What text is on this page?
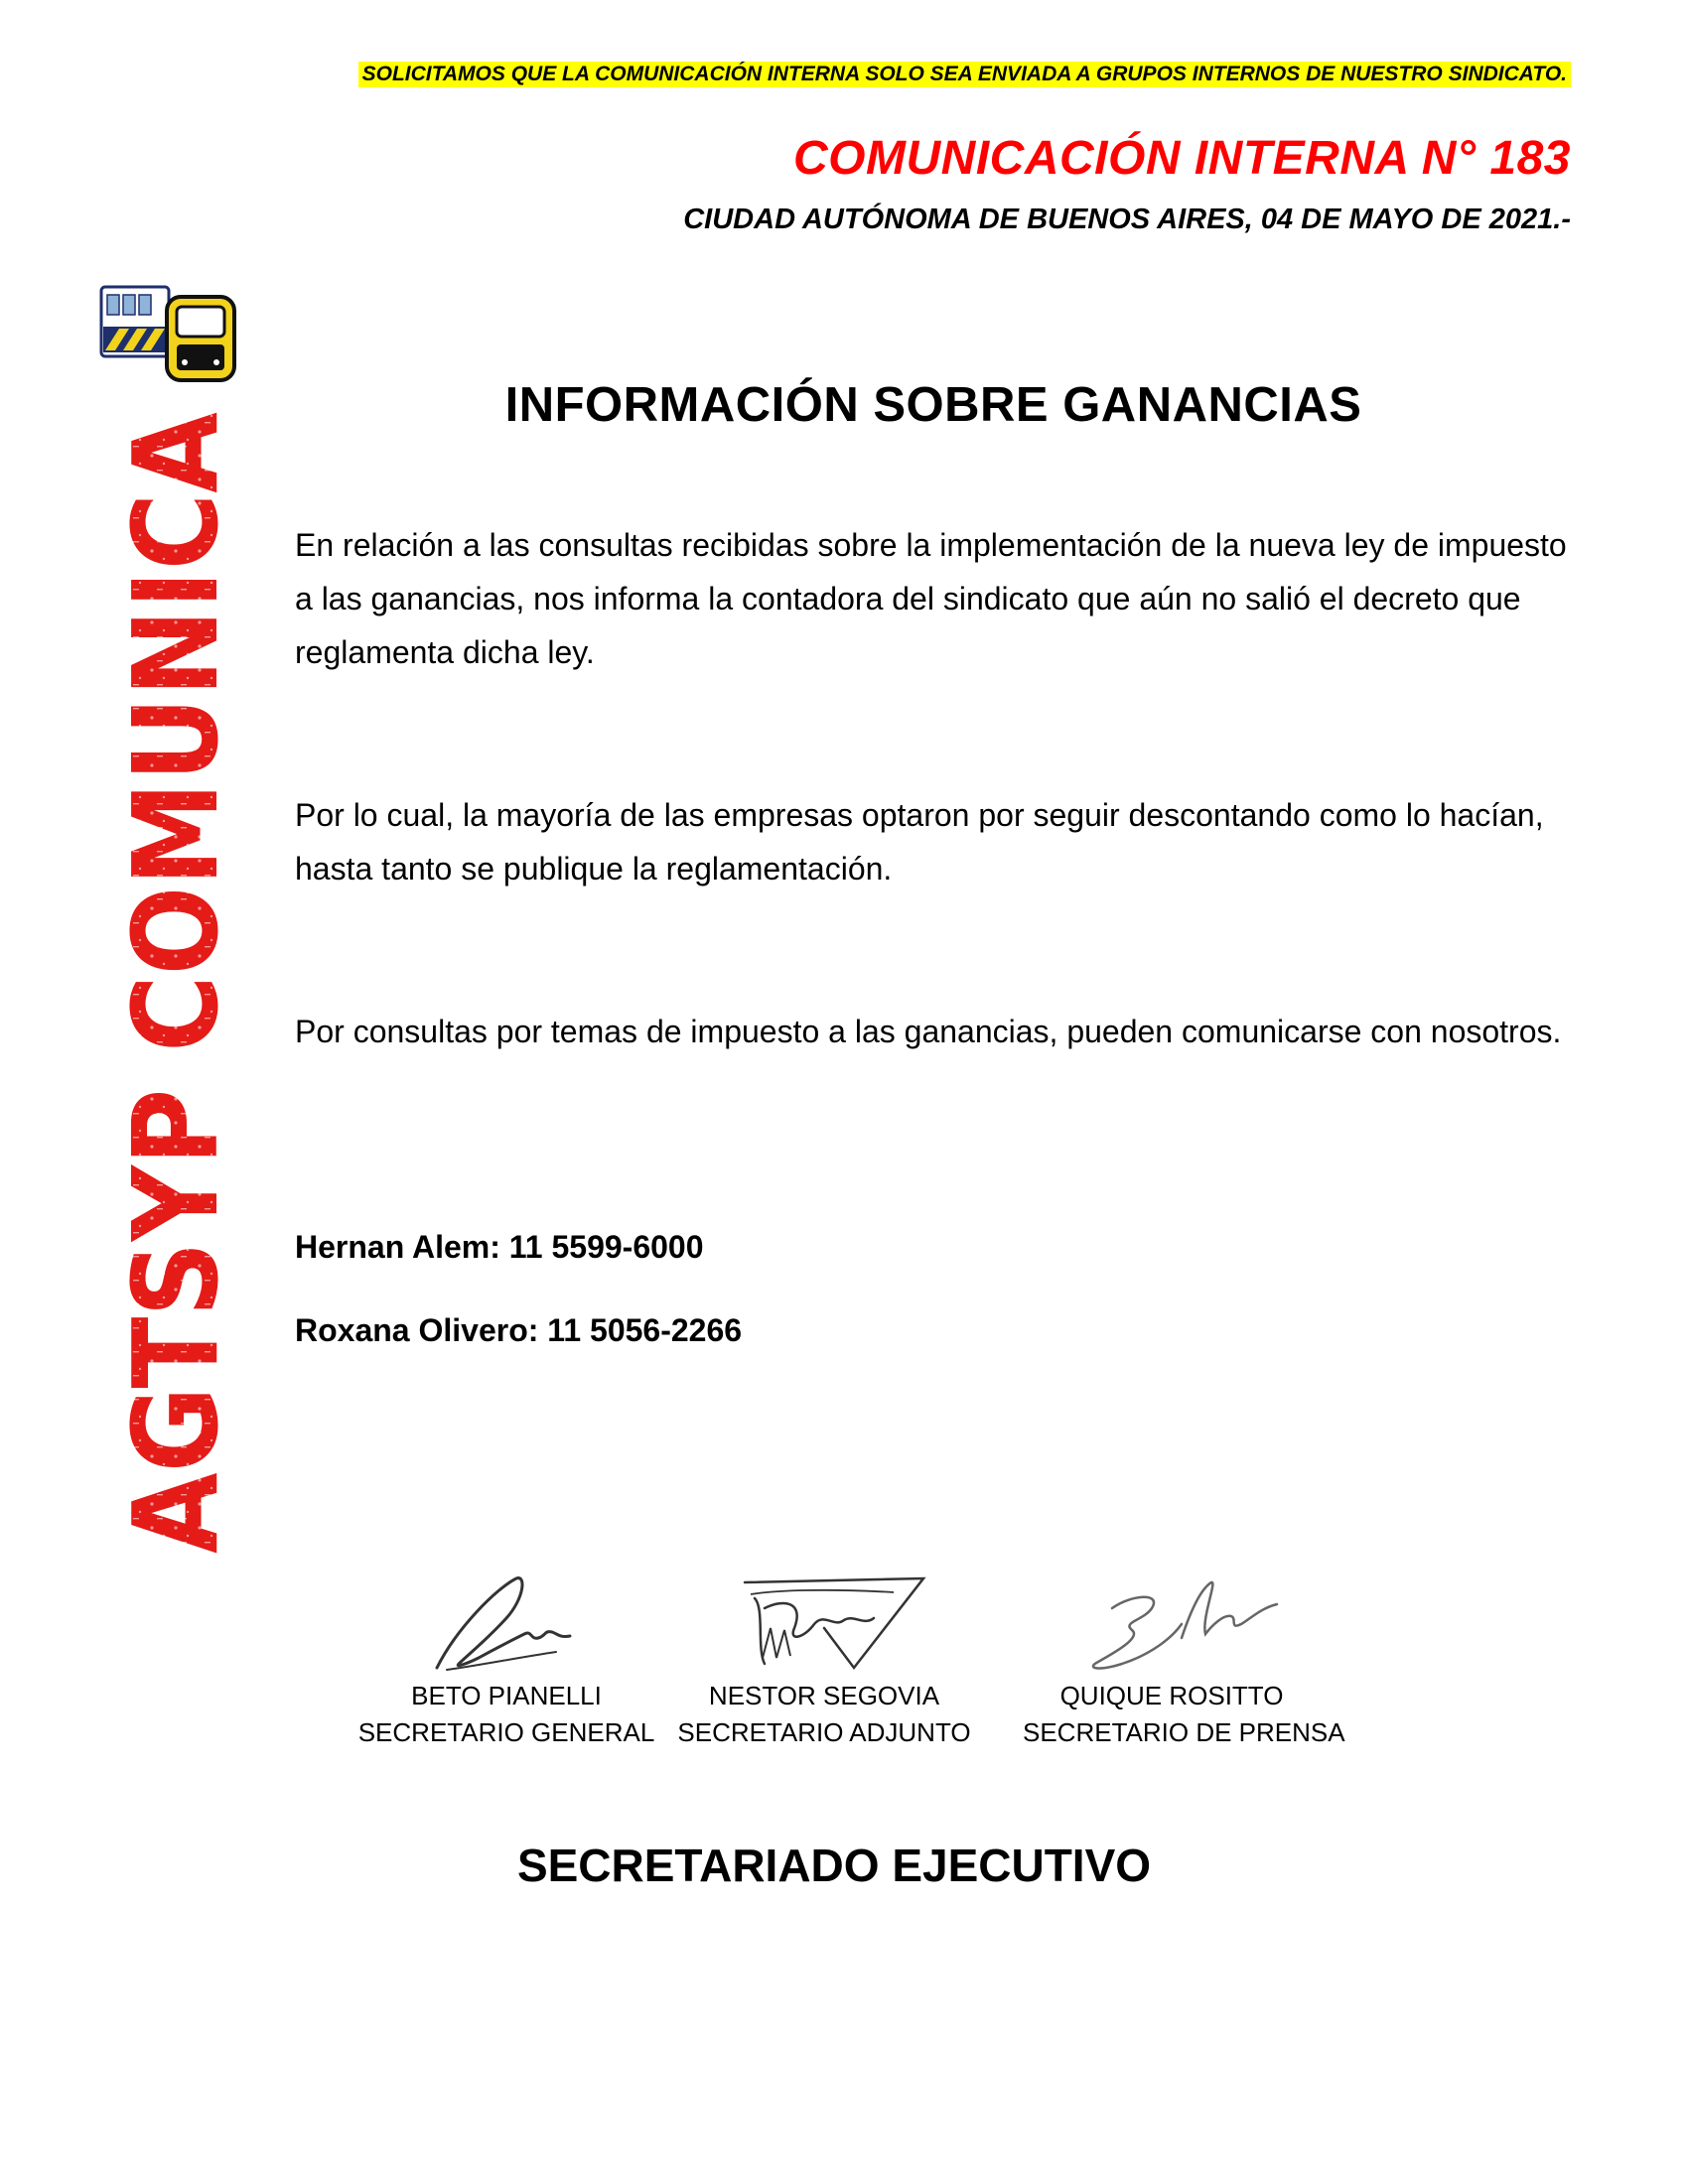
SOLICITAMOS QUE LA COMUNICACIÓN INTERNA SOLO SEA ENVIADA A GRUPOS INTERNOS DE NUESTRO SINDICATO.
COMUNICACIÓN INTERNA N° 183
CIUDAD AUTÓNOMA DE BUENOS AIRES, 04 DE MAYO DE 2021.-
INFORMACIÓN SOBRE GANANCIAS

En relación a las consultas recibidas sobre la implementación de la nueva ley de impuesto a las ganancias, nos informa la contadora del sindicato que aún no salió el decreto que reglamenta dicha ley.

Por lo cual, la mayoría de las empresas optaron por seguir descontando como lo hacían, hasta tanto se publique la reglamentación.

Por consultas por temas de impuesto a las ganancias, pueden comunicarse con nosotros.

Hernan Alem: 11 5599-6000
Roxana Olivero: 11 5056-2266
BETO PIANELLI
SECRETARIO GENERAL
NESTOR SEGOVIA
SECRETARIO ADJUNTO
QUIQUE ROSITTO
SECRETARIO DE PRENSA
SECRETARIADO EJECUTIVO
